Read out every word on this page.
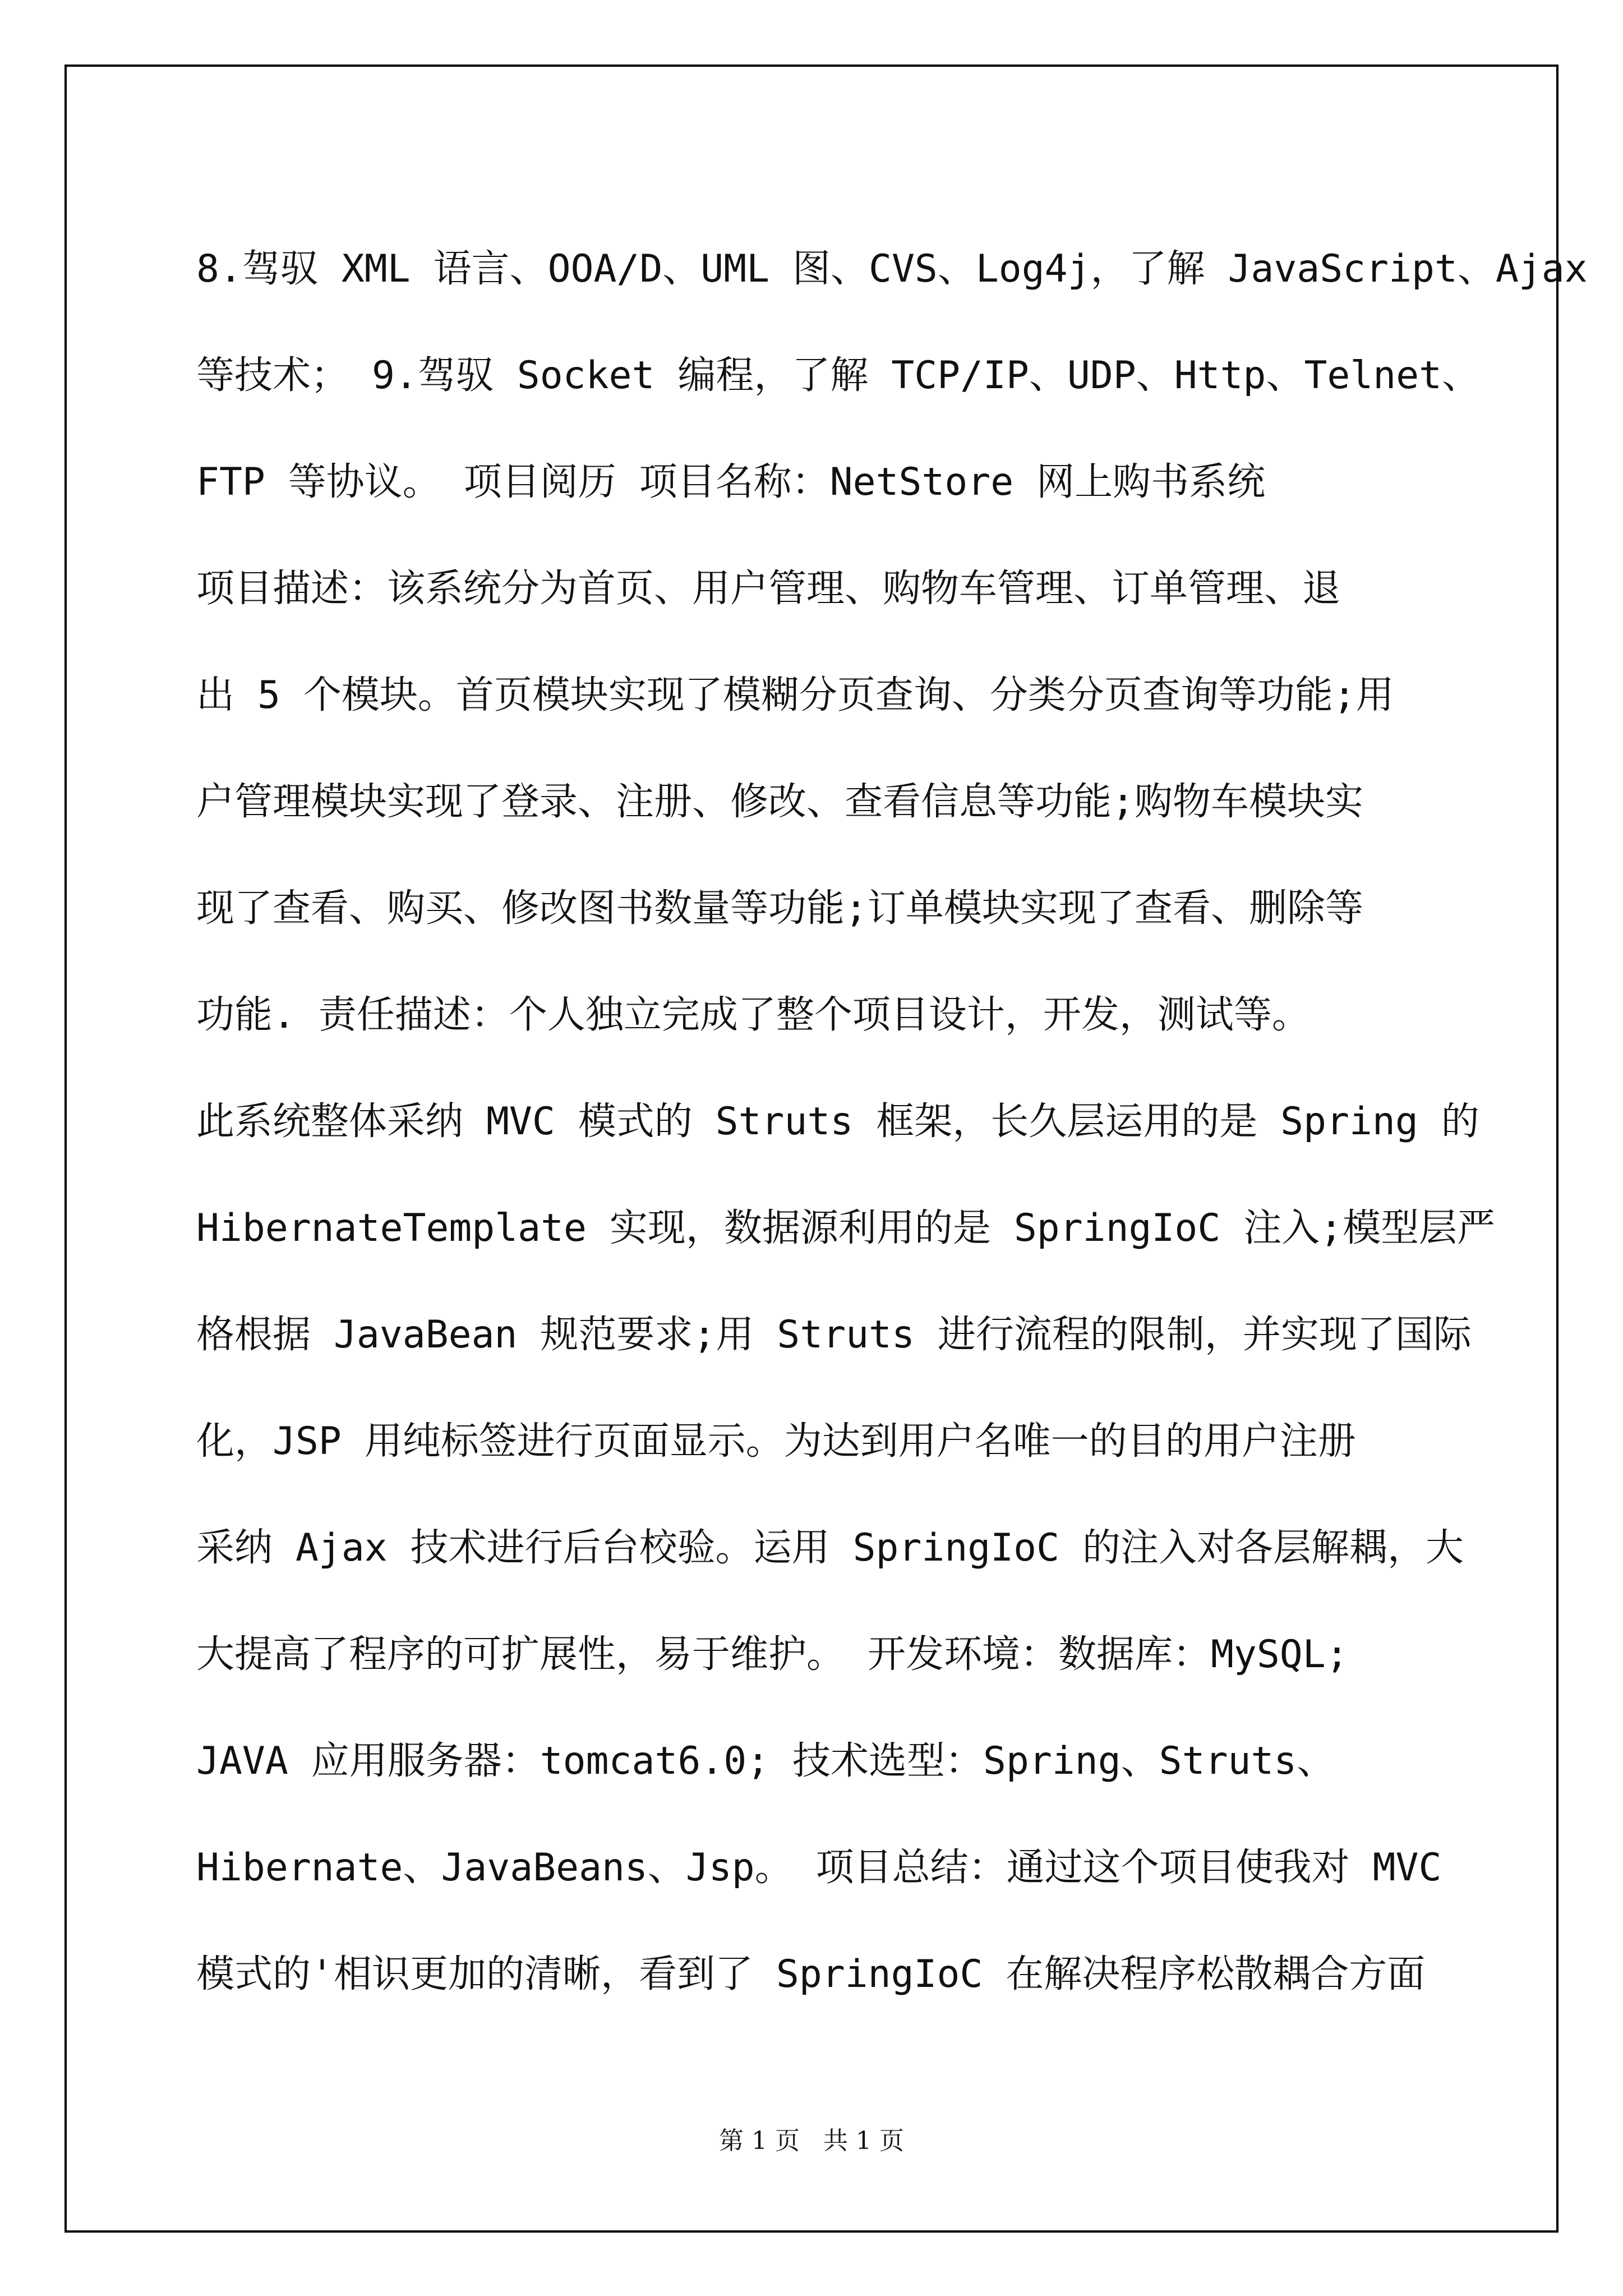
8.驾驭 XML 语言、OOA/D、UML 图、CVS、Log4j，了解 JavaScript、Ajax
等技术； 9.驾驭 Socket 编程，了解 TCP/IP、UDP、Http、Telnet、
FTP 等协议。 项目阅历 项目名称：NetStore 网上购书系统
项目描述：该系统分为首页、用户管理、购物车管理、订单管理、退
出 5 个模块。首页模块实现了模糊分页查询、分类分页查询等功能;用
户管理模块实现了登录、注册、修改、查看信息等功能;购物车模块实
现了查看、购买、修改图书数量等功能;订单模块实现了查看、删除等
功能. 责任描述：个人独立完成了整个项目设计，开发，测试等。
此系统整体采纳 MVC 模式的 Struts 框架，长久层运用的是 Spring 的
HibernateTemplate 实现，数据源利用的是 SpringIoC 注入;模型层严
格根据 JavaBean 规范要求;用 Struts 进行流程的限制，并实现了国际
化，JSP 用纯标签进行页面显示。为达到用户名唯一的目的用户注册
采纳 Ajax 技术进行后台校验。运用 SpringIoC 的注入对各层解耦，大
大提高了程序的可扩展性，易于维护。 开发环境：数据库：MySQL;
JAVA 应用服务器：tomcat6.0; 技术选型：Spring、Struts、
Hibernate、JavaBeans、Jsp。 项目总结：通过这个项目使我对 MVC
模式的'相识更加的清晰，看到了 SpringIoC 在解决程序松散耦合方面
第 1 页   共 1 页
